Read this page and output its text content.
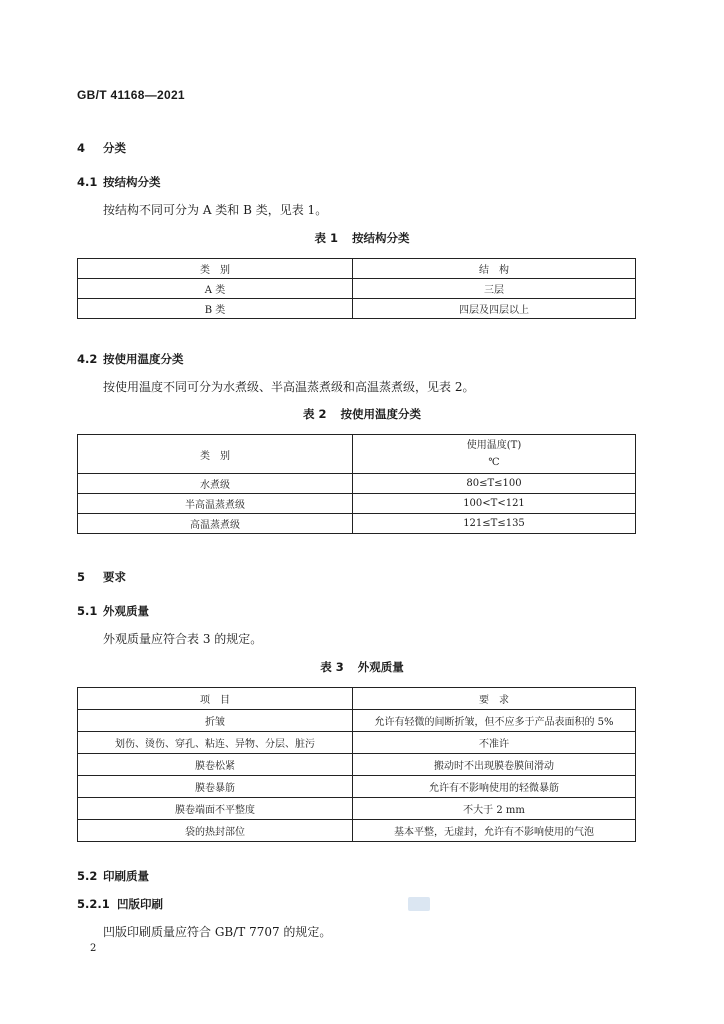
GB/T 41168—2021
4 分类
4.1 按结构分类
按结构不同可分为 A 类和 B 类，见表 1。
表 1 按结构分类
类　别	结　构
A 类	三层
B 类	四层及四层以上
4.2 按使用温度分类
按使用温度不同可分为水煮级、半高温蒸煮级和高温蒸煮级，见表 2。
表 2 按使用温度分类
类　别	使用温度(T)
℃

水煮级	80≤T≤100
半高温蒸煮级	100<T<121
高温蒸煮级	121≤T≤135
5 要求
5.1 外观质量
外观质量应符合表 3 的规定。
表 3 外观质量
项　目	要　求
折皱	允许有轻微的间断折皱，但不应多于产品表面积的 5%
划伤、烫伤、穿孔、粘连、异物、分层、脏污	不准许
膜卷松紧	搬动时不出现膜卷膜间滑动
膜卷暴筋	允许有不影响使用的轻微暴筋
膜卷端面不平整度	不大于 2 mm
袋的热封部位	基本平整，无虚封，允许有不影响使用的气泡
5.2 印刷质量
5.2.1 凹版印刷
凹版印刷质量应符合 GB/T 7707 的规定。
2
